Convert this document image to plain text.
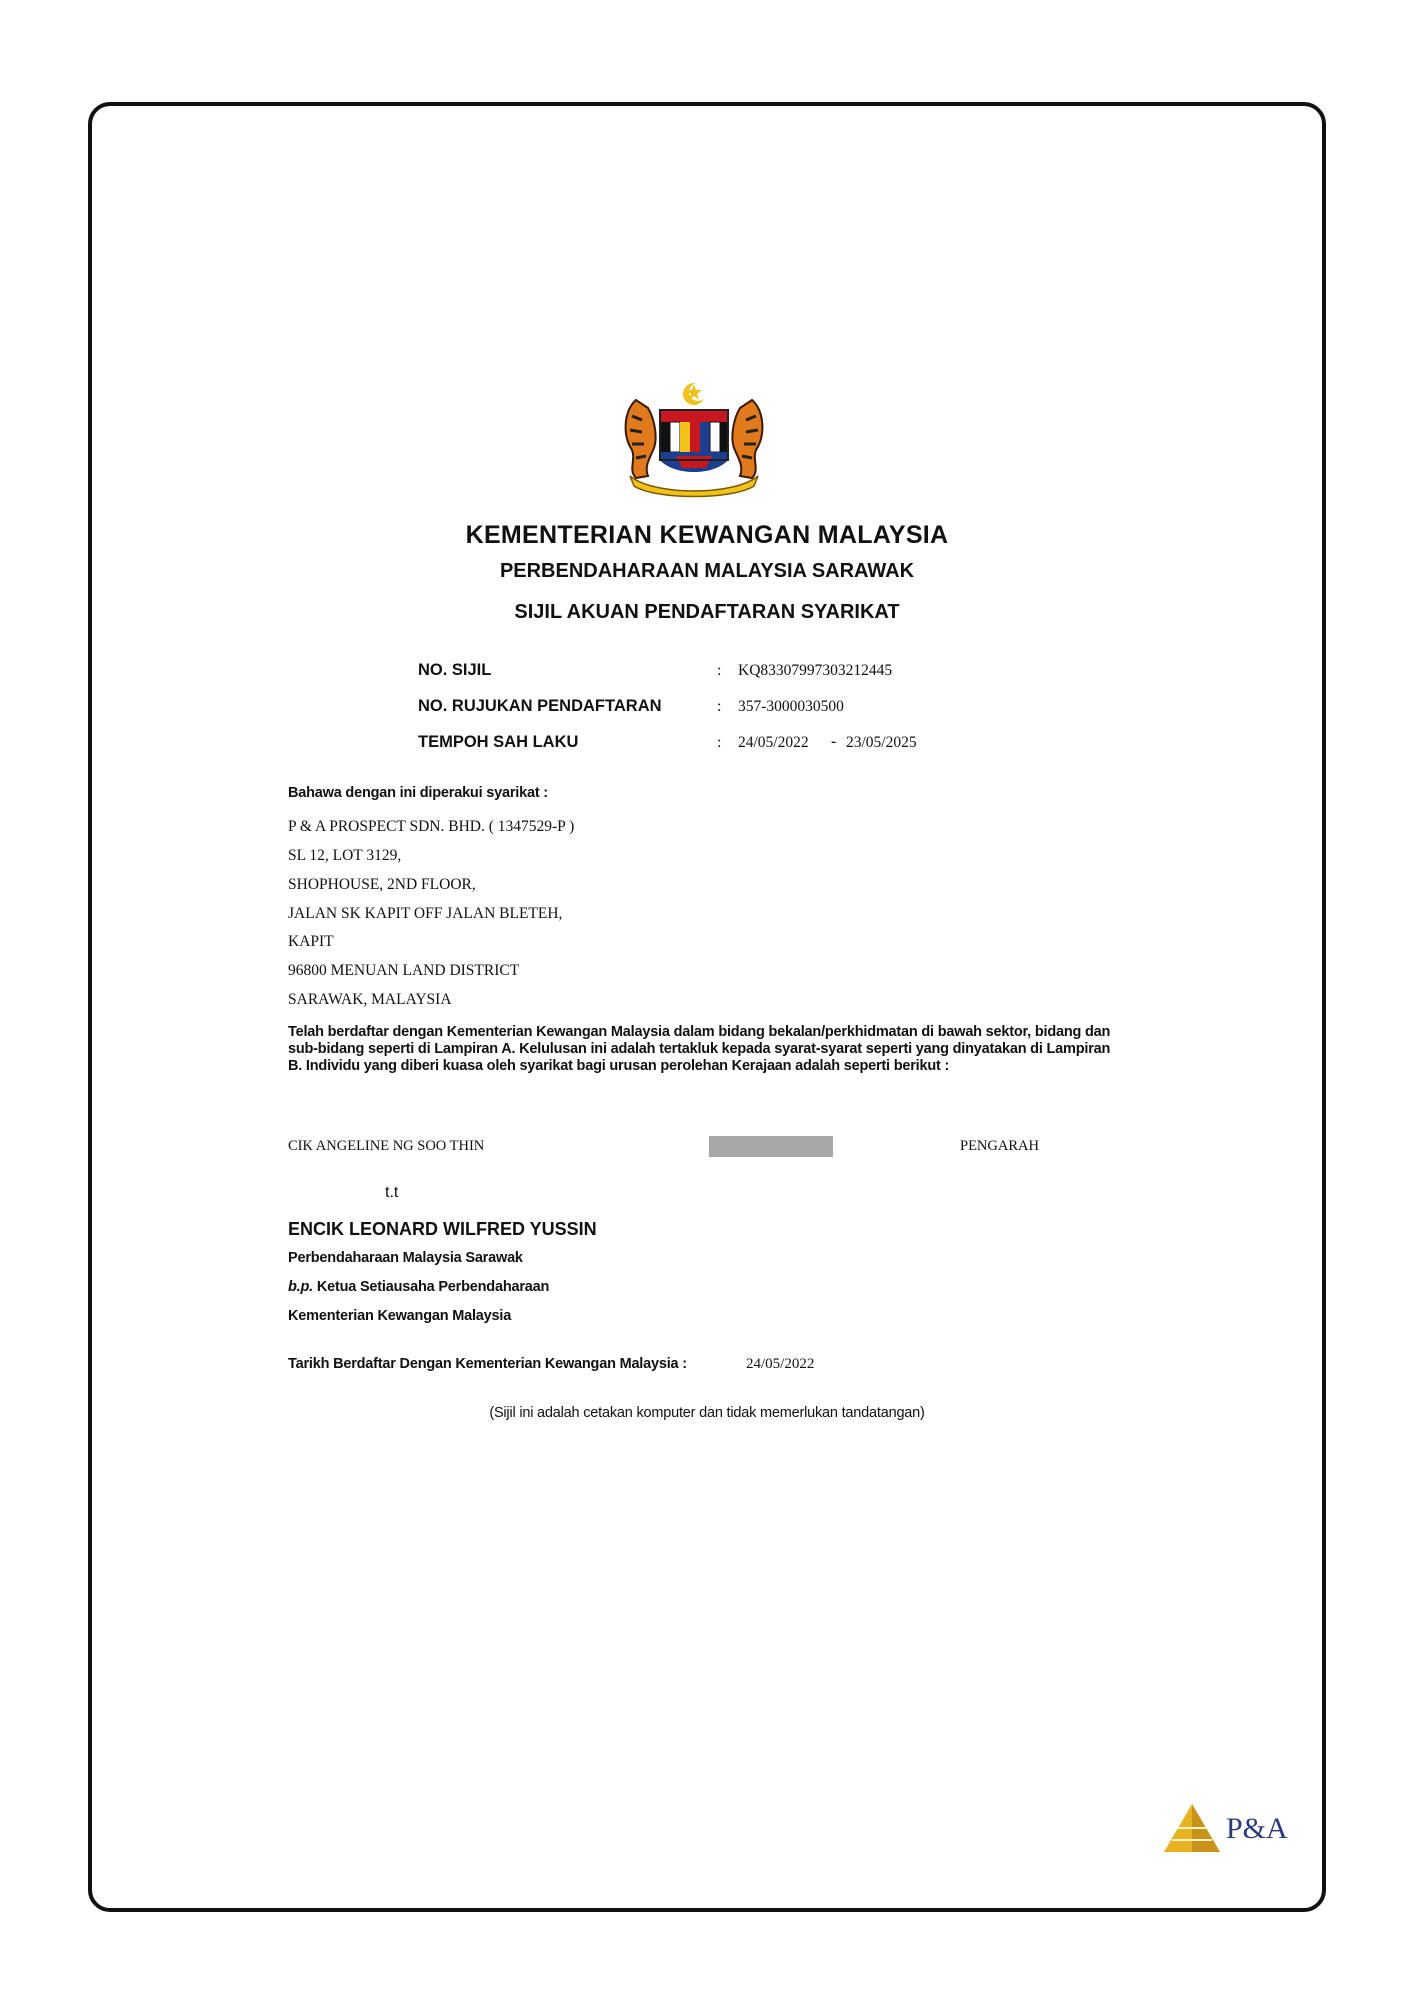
KEMENTERIAN KEWANGAN MALAYSIA
PERBENDAHARAAN MALAYSIA SARAWAK
SIJIL AKUAN PENDAFTARAN SYARIKAT
NO. SIJIL	: KQ83307997303212445
NO. RUJUKAN PENDAFTARAN	: 357-3000030500
TEMPOH SAH LAKU	: 24/05/2022 - 23/05/2025
Bahawa dengan ini diperakui syarikat :
P & A PROSPECT SDN. BHD. ( 1347529-P )
SL 12, LOT 3129,
SHOPHOUSE, 2ND FLOOR,
JALAN SK KAPIT OFF JALAN BLETEH,
KAPIT
96800 MENUAN LAND DISTRICT
SARAWAK, MALAYSIA
Telah berdaftar dengan Kementerian Kewangan Malaysia dalam bidang bekalan/perkhidmatan di bawah sektor, bidang dan sub-bidang seperti di Lampiran A. Kelulusan ini adalah tertakluk kepada syarat-syarat seperti yang dinyatakan di Lampiran B. Individu yang diberi kuasa oleh syarikat bagi urusan perolehan Kerajaan adalah seperti berikut :
CIK ANGELINE NG SOO THIN	PENGARAH
t.t
ENCIK LEONARD WILFRED YUSSIN
Perbendaharaan Malaysia Sarawak
b.p. Ketua Setiausaha Perbendaharaan
Kementerian Kewangan Malaysia
Tarikh Berdaftar Dengan Kementerian Kewangan Malaysia :	24/05/2022
(Sijil ini adalah cetakan komputer dan tidak memerlukan tandatangan)
P&A
